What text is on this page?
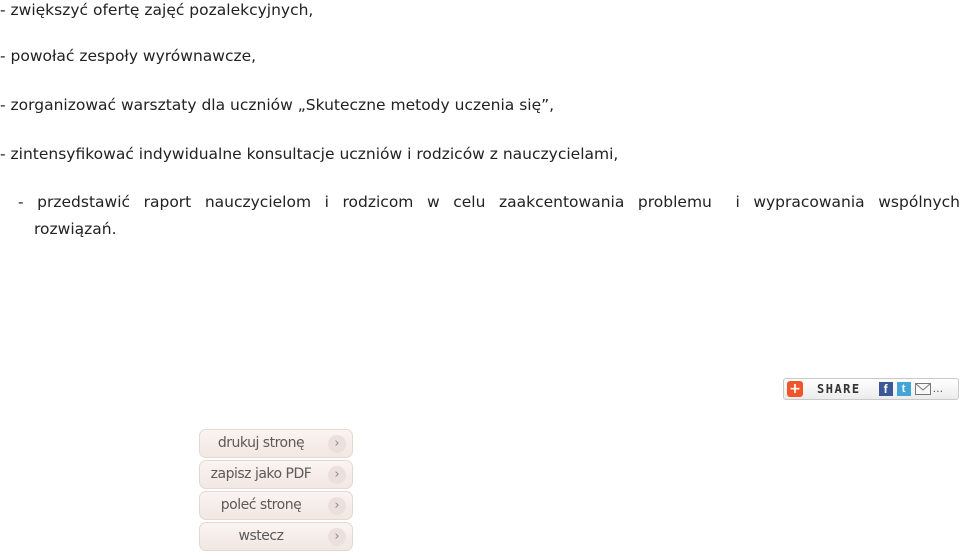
- zwiększyć ofertę zajęć pozalekcyjnych,
- powołać zespoły wyrównawcze,
- zorganizować warsztaty dla uczniów „Skuteczne metody uczenia się”,
- zintensyfikować indywidualne konsultacje uczniów i rodziców z nauczycielami,
- przedstawić raport nauczycielom i rodzicom w celu zaakcentowania problemu i wypracowania wspólnych
rozwiązań.
+ SHARE	f	t	...
drukuj stronę	›
zapisz jako PDF	›
poleć stronę	›
wstecz	›
